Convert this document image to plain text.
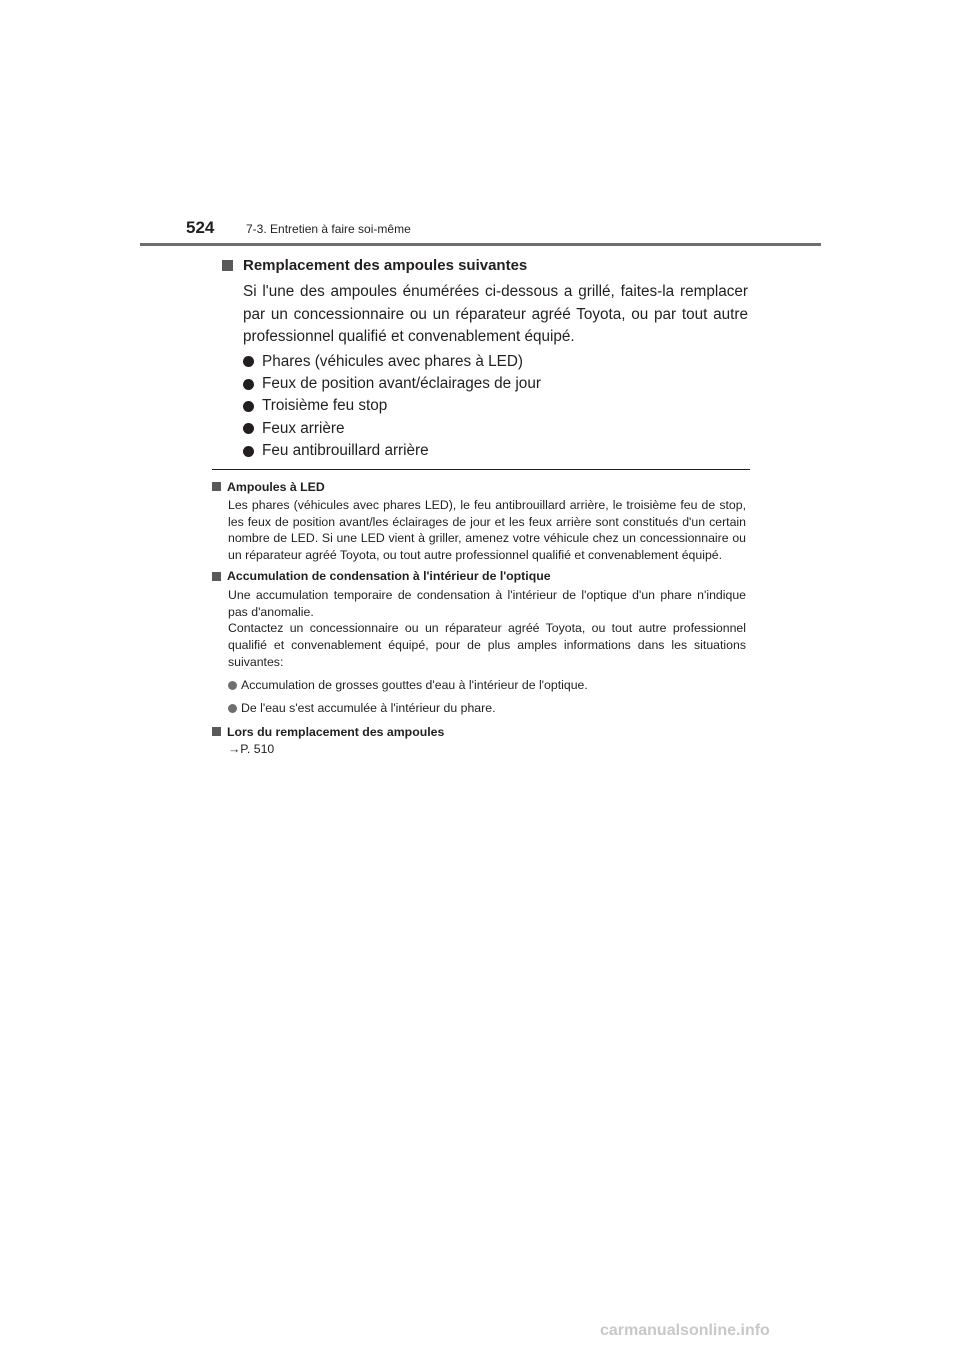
524	7-3. Entretien à faire soi-même
Remplacement des ampoules suivantes

Si l'une des ampoules énumérées ci-dessous a grillé, faites-la remplacer par un concessionnaire ou un réparateur agréé Toyota, ou par tout autre professionnel qualifié et convenablement équipé.

Phares (véhicules avec phares à LED)
Feux de position avant/éclairages de jour
Troisième feu stop
Feux arrière
Feu antibrouillard arrière
Ampoules à LED

Les phares (véhicules avec phares LED), le feu antibrouillard arrière, le troisième feu de stop, les feux de position avant/les éclairages de jour et les feux arrière sont constitués d'un certain nombre de LED. Si une LED vient à griller, amenez votre véhicule chez un concessionnaire ou un réparateur agréé Toyota, ou tout autre professionnel qualifié et convenablement équipé.

Accumulation de condensation à l'intérieur de l'optique

Une accumulation temporaire de condensation à l'intérieur de l'optique d'un phare n'indique pas d'anomalie.

Contactez un concessionnaire ou un réparateur agréé Toyota, ou tout autre professionnel qualifié et convenablement équipé, pour de plus amples informations dans les situations suivantes:

Accumulation de grosses gouttes d'eau à l'intérieur de l'optique.
De l'eau s'est accumulée à l'intérieur du phare.
Lors du remplacement des ampoules
→P. 510
carmanualsonline.info
